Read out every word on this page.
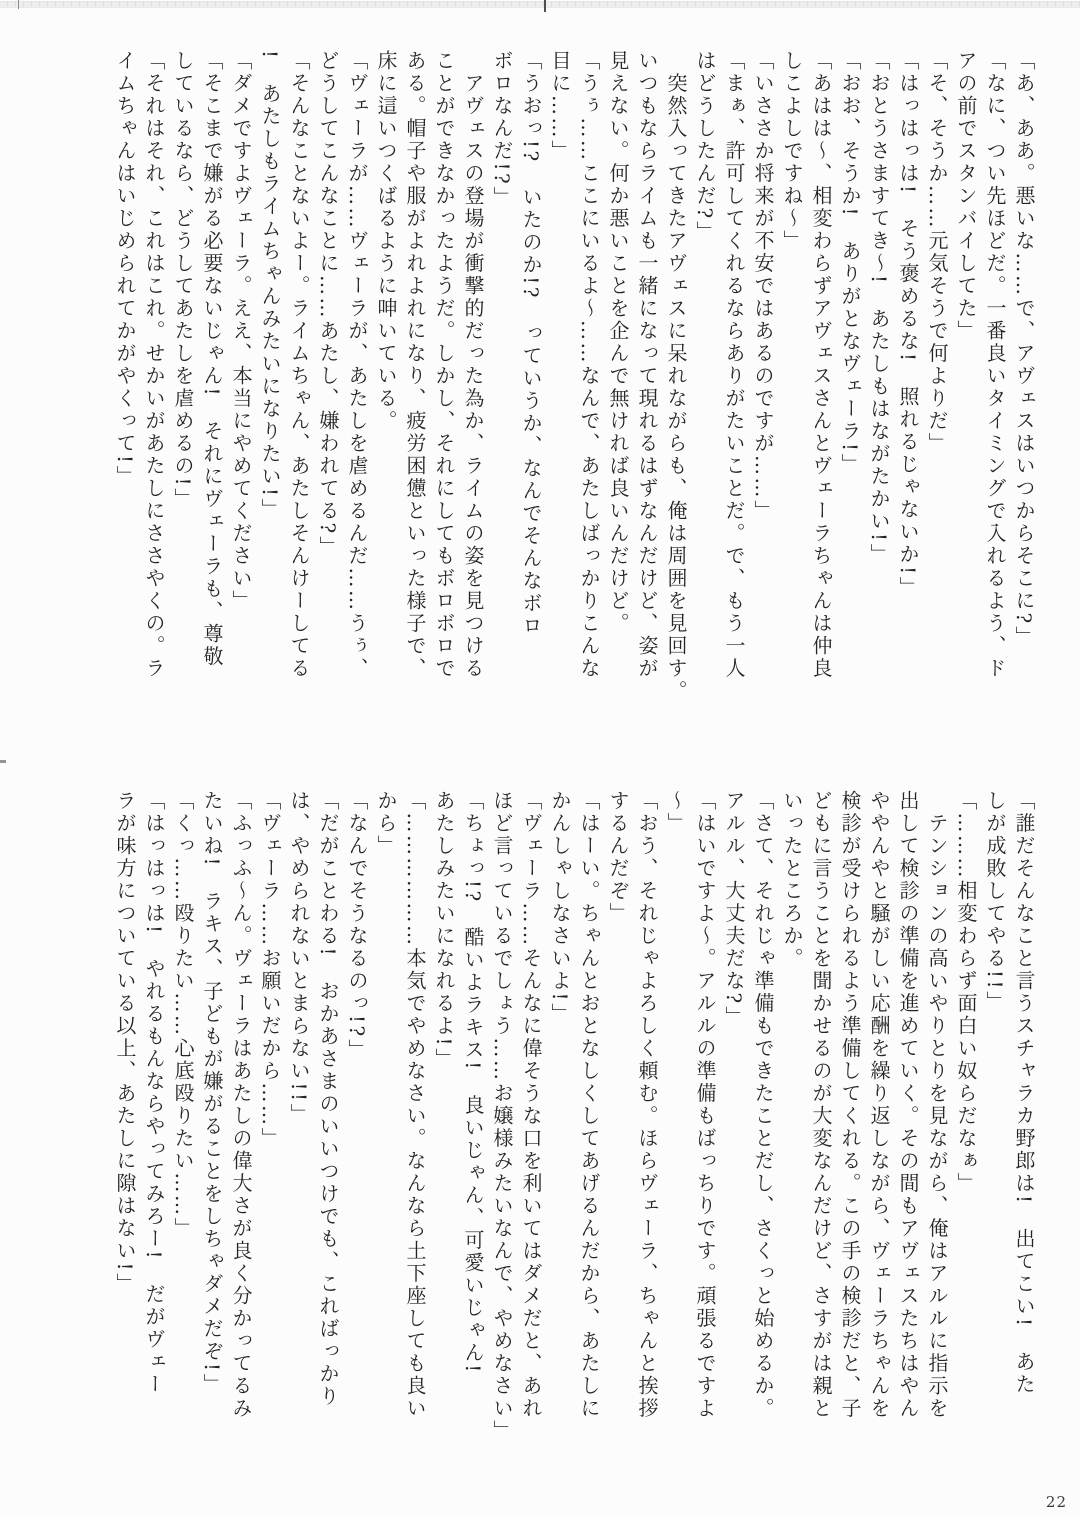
「あ、ああ。悪いな……で、アヴェスはいつからそこに?」
「なに、つい先ほどだ。一番良いタイミングで入れるよう、ド
アの前でスタンバイしてた」
「そ、そうか……元気そうで何よりだ」
「はっはっは!　そう褒めるな!　照れるじゃないか!」
「おとうさますてき〜!　あたしもはながたかい!」
「おお、そうか!　ありがとなヴェーラ!」
「あはは〜、相変わらずアヴェスさんとヴェーラちゃんは仲良
しこよしですね〜」
「いささか将来が不安ではあるのですが……」
「まぁ、許可してくれるならありがたいことだ。で、もう一人
はどうしたんだ?」
　突然入ってきたアヴェスに呆れながらも、俺は周囲を見回す。
いつもならライムも一緒になって現れるはずなんだけど、姿が
見えない。何か悪いことを企んで無ければ良いんだけど。
「うぅ……ここにいるよ〜……なんで、あたしばっかりこんな
目に……」
「うおっ!?　いたのか!?　っていうか、なんでそんなボロ
ボロなんだ!?」
　アヴェスの登場が衝撃的だった為か、ライムの姿を見つける
ことができなかったようだ。しかし、それにしてもボロボロで
ある。帽子や服がよれよれになり、疲労困憊といった様子で、
床に這いつくばるように呻いている。
「ヴェーラが……ヴェーラが、あたしを虐めるんだ……うぅ、
どうしてこんなことに……あたし、嫌われてる?」
「そんなことないよー。ライムちゃん、あたしそんけーしてる
!　あたしもライムちゃんみたいになりたい!」
「ダメですよヴェーラ。ええ、本当にやめてください」
「そこまで嫌がる必要ないじゃん!　それにヴェーラも、尊敬
しているなら、どうしてあたしを虐めるの!」
「それはそれ、これはこれ。せかいがあたしにささやくの。ラ
イムちゃんはいじめられてかがやくって!」
「誰だそんなこと言うスチャラカ野郎は!　出てこい!　あた
しが成敗してやる!!」
「………相変わらず面白い奴らだなぁ」
　テンションの高いやりとりを見ながら、俺はアルルに指示を
出して検診の準備を進めていく。その間もアヴェスたちはやん
ややんやと騒がしい応酬を繰り返しながら、ヴェーラちゃんを
検診が受けられるよう準備してくれる。この手の検診だと、子
どもに言うことを聞かせるのが大変なんだけど、さすがは親と
いったところか。
「さて、それじゃ準備もできたことだし、さくっと始めるか。
アルル、大丈夫だな?」
「はいですよ〜。アルルの準備もばっちりです。頑張るですよ
〜」
「おう、それじゃよろしく頼む。ほらヴェーラ、ちゃんと挨拶
するんだぞ」
「はーい。ちゃんとおとなしくしてあげるんだから、あたしに
かんしゃしなさいよ!」
「ヴェーラ……そんなに偉そうな口を利いてはダメだと、あれ
ほど言っているでしょう……お嬢様みたいなんで、やめなさい」
「ちょっ!?　酷いよラキス!　良いじゃん、可愛いじゃん!
あたしみたいになれるよ!」
「………………本気でやめなさい。なんなら土下座しても良い
から」
「なんでそうなるのっ!?」
「だがことわる!　おかあさまのいいつけでも、こればっかり
は、やめられないとまらない!!」
「ヴェーラ……お願いだから……」
「ふっふ〜ん。ヴェーラはあたしの偉大さが良く分かってるみ
たいね!　ラキス、子どもが嫌がることをしちゃダメだぞ!」
「くっ……殴りたい……心底殴りたい……」
「はっはっは!　やれるもんならやってみろー!　だがヴェー
ラが味方についている以上、あたしに隙はない!」
22
